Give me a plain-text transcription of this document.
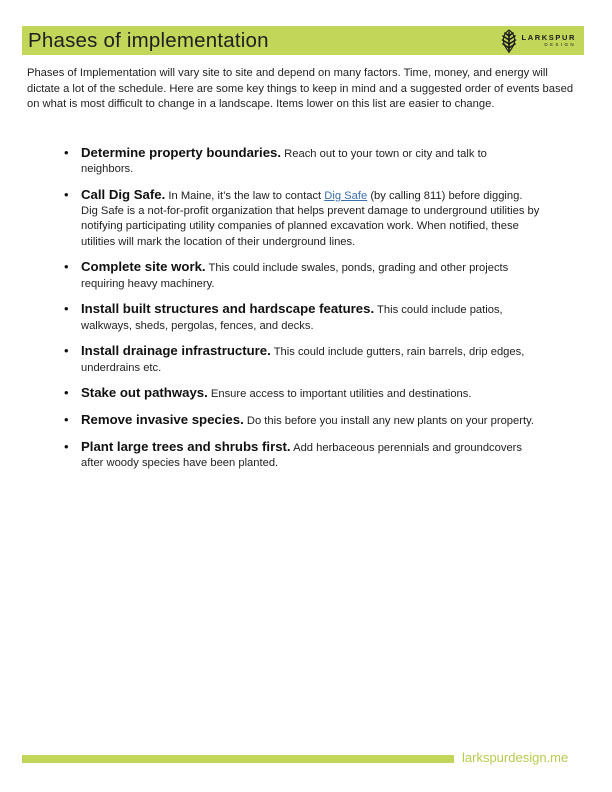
Phases of implementation	LARKSPUR
DESIGN

Phases of Implementation will vary site to site and depend on many factors. Time, money, and energy will dictate a lot of the schedule. Here are some key things to keep in mind and a suggested order of events based on what is most difficult to change in a landscape. Items lower on this list are easier to change.

• Determine property boundaries. Reach out to your town or city and talk to neighbors.
• Call Dig Safe. In Maine, it’s the law to contact Dig Safe (by calling 811) before digging. Dig Safe is a not-for-profit organization that helps prevent damage to underground utilities by notifying participating utility companies of planned excavation work. When notified, these utilities will mark the location of their underground lines.
• Complete site work. This could include swales, ponds, grading and other projects requiring heavy machinery.
• Install built structures and hardscape features. This could include patios, walkways, sheds, pergolas, fences, and decks.
• Install drainage infrastructure. This could include gutters, rain barrels, drip edges, underdrains etc.
• Stake out pathways. Ensure access to important utilities and destinations.
• Remove invasive species. Do this before you install any new plants on your property.
• Plant large trees and shrubs first. Add herbaceous perennials and groundcovers after woody species have been planted.
larkspurdesign.me
